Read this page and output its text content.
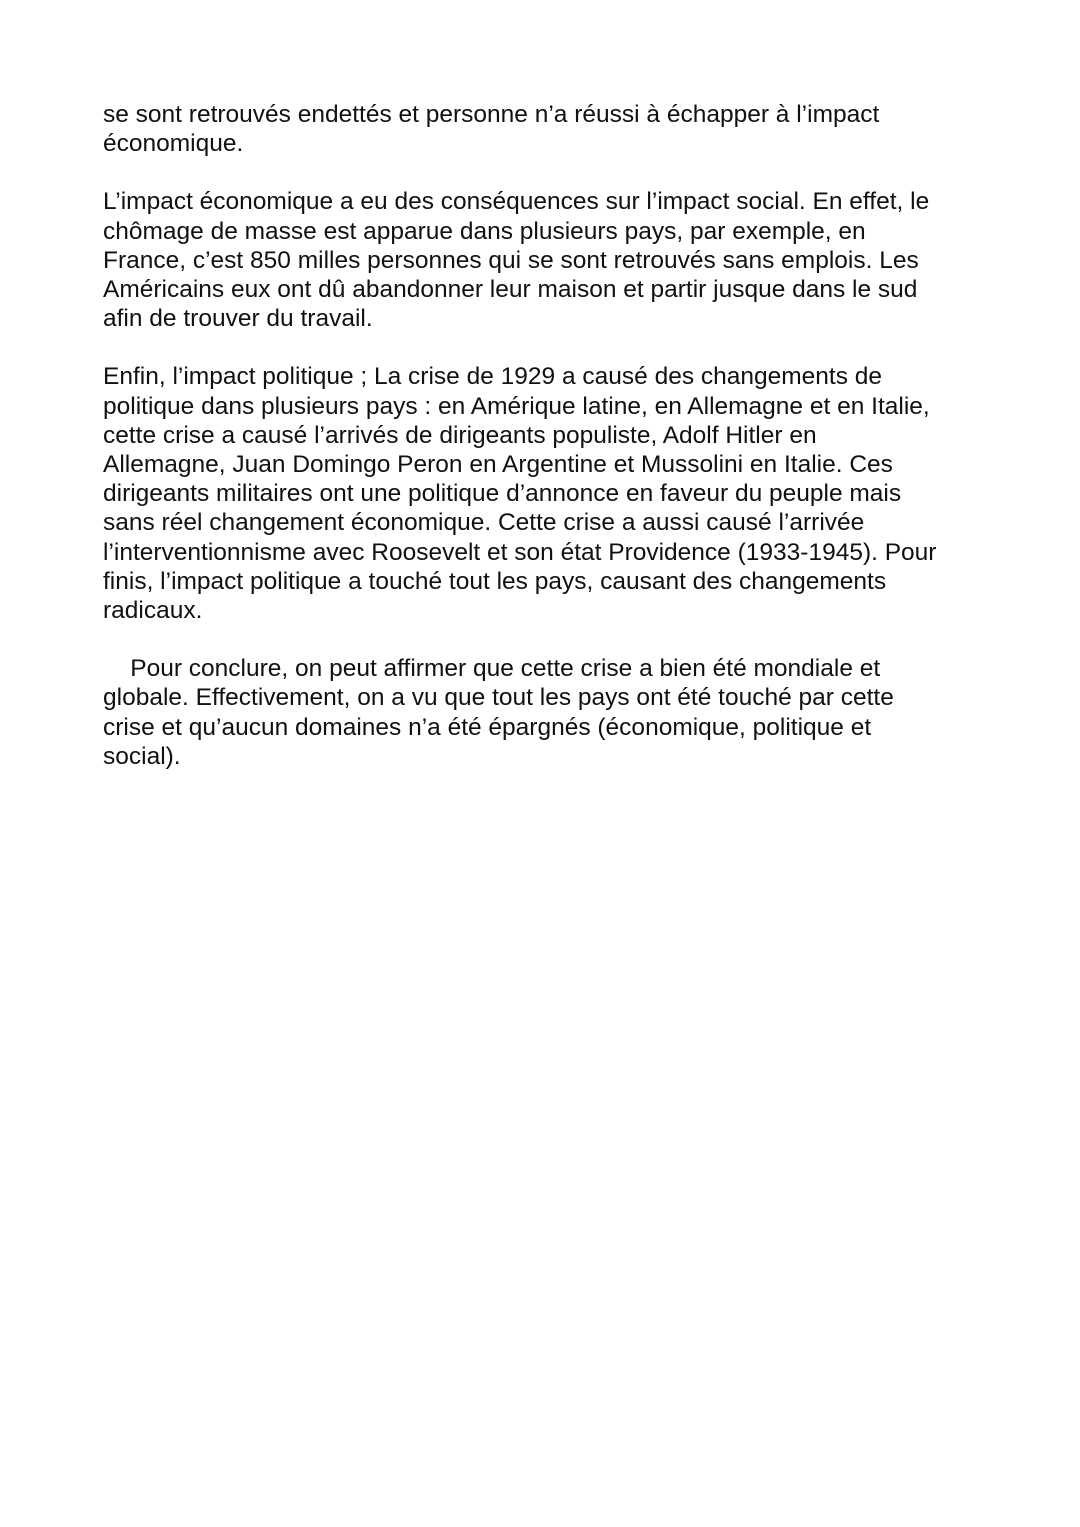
se sont retrouvés endettés et personne n’a réussi à échapper à l’impact
économique.
L’impact économique a eu des conséquences sur l’impact social. En effet, le
chômage de masse est apparue dans plusieurs pays, par exemple, en
France, c’est 850 milles personnes qui se sont retrouvés sans emplois. Les
Américains eux ont dû abandonner leur maison et partir jusque dans le sud
afin de trouver du travail.
Enfin, l’impact politique ; La crise de 1929 a causé des changements de
politique dans plusieurs pays : en Amérique latine, en Allemagne et en Italie,
cette crise a causé l’arrivés de dirigeants populiste, Adolf Hitler en
Allemagne, Juan Domingo Peron en Argentine et Mussolini en Italie. Ces
dirigeants militaires ont une politique d’annonce en faveur du peuple mais
sans réel changement économique. Cette crise a aussi causé l’arrivée
l’interventionnisme avec Roosevelt et son état Providence (1933-1945). Pour
finis, l’impact politique a touché tout les pays, causant des changements
radicaux.
Pour conclure, on peut affirmer que cette crise a bien été mondiale et
globale. Effectivement, on a vu que tout les pays ont été touché par cette
crise et qu’aucun domaines n’a été épargnés (économique, politique et
social).
